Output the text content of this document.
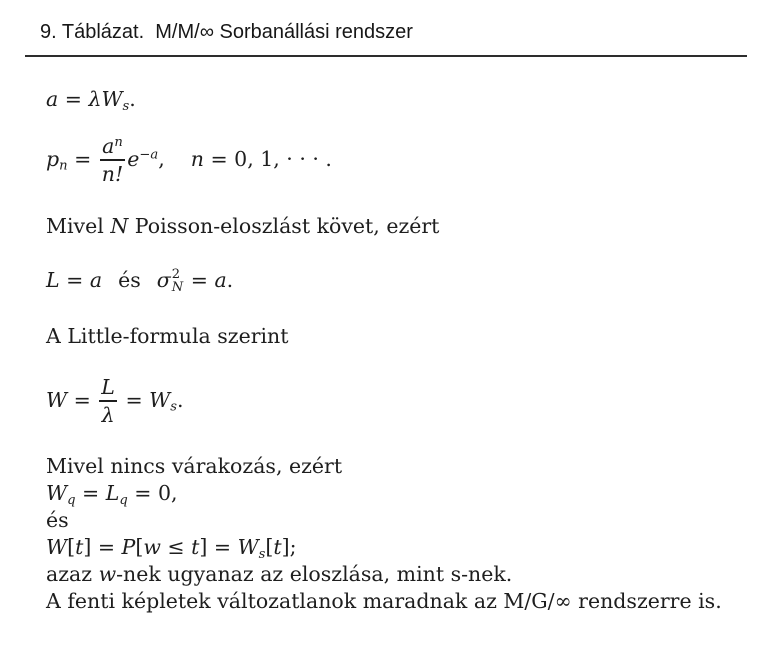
9. Táblázat.  M/M/∞ Sorbanállási rendszer
$a = \lambda W_s$.
$p_n = \frac{a^n}{n!} e^{-a}$, n = 0, 1, · · · .
Mivel N Poisson-eloszlást követ, ezért
L = a és σ 2
N = a.
A Little-formula szerint
$W = \frac{L}{\lambda} = W_s$.
Mivel nincs várakozás, ezért
$W_q = L_q = 0$,
és
$W[t] = P[w \le t] = W_s[t]$;
azaz w-nek ugyanaz az eloszlása, mint s-nek.
A fenti képletek változatlanok maradnak az M/G/∞ rendszerre is.
